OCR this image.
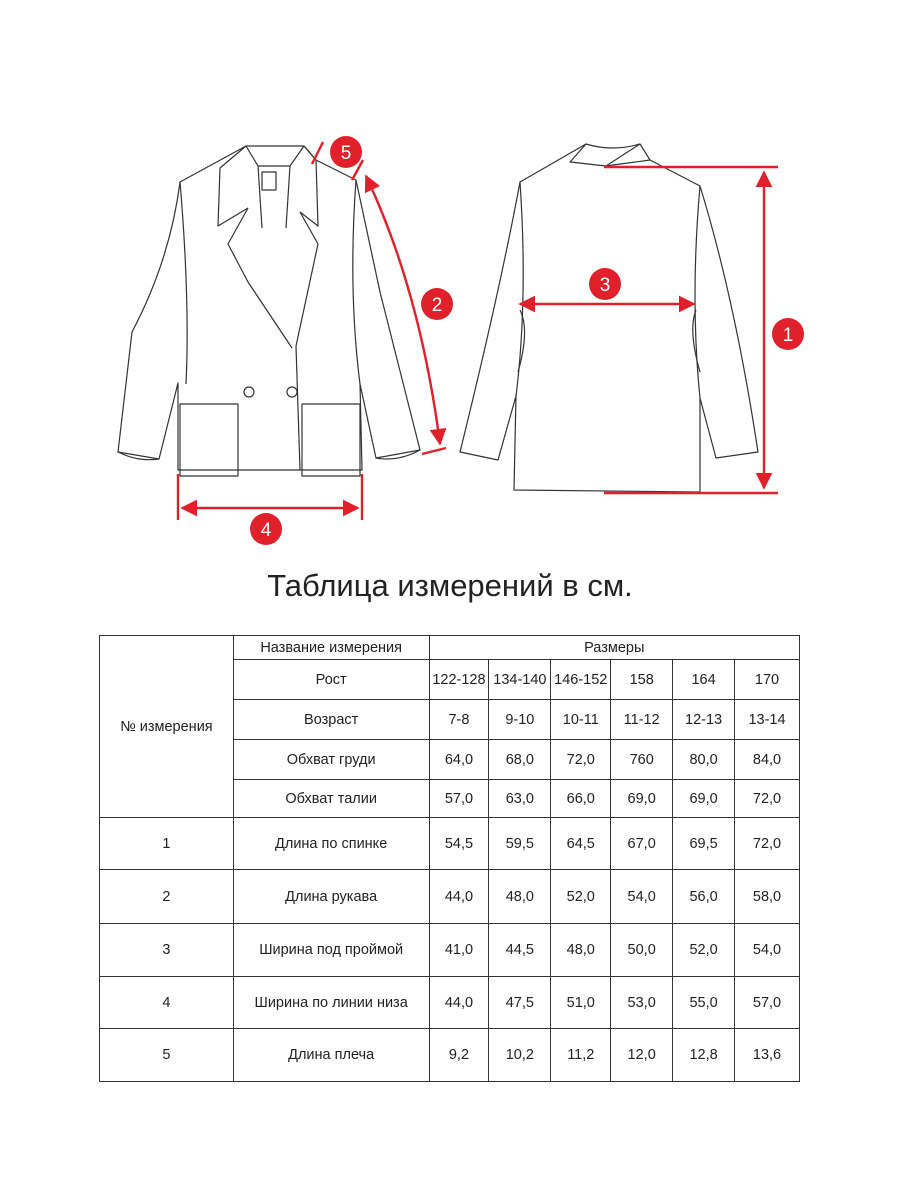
1
2
3
4
5
Таблица измерений в см.
№ измерения	Название измерения	Размеры					
	Рост	122-128	134-140	146-152	158	164	170
	Возраст	7-8	9-10	10-11	11-12	12-13	13-14
	Обхват груди	64,0	68,0	72,0	760	80,0	84,0
	Обхват талии	57,0	63,0	66,0	69,0	69,0	72,0
1	Длина по спинке	54,5	59,5	64,5	67,0	69,5	72,0
2	Длина рукава	44,0	48,0	52,0	54,0	56,0	58,0
3	Ширина под проймой	41,0	44,5	48,0	50,0	52,0	54,0
4	Ширина по линии низа	44,0	47,5	51,0	53,0	55,0	57,0
5	Длина плеча	9,2	10,2	11,2	12,0	12,8	13,6
